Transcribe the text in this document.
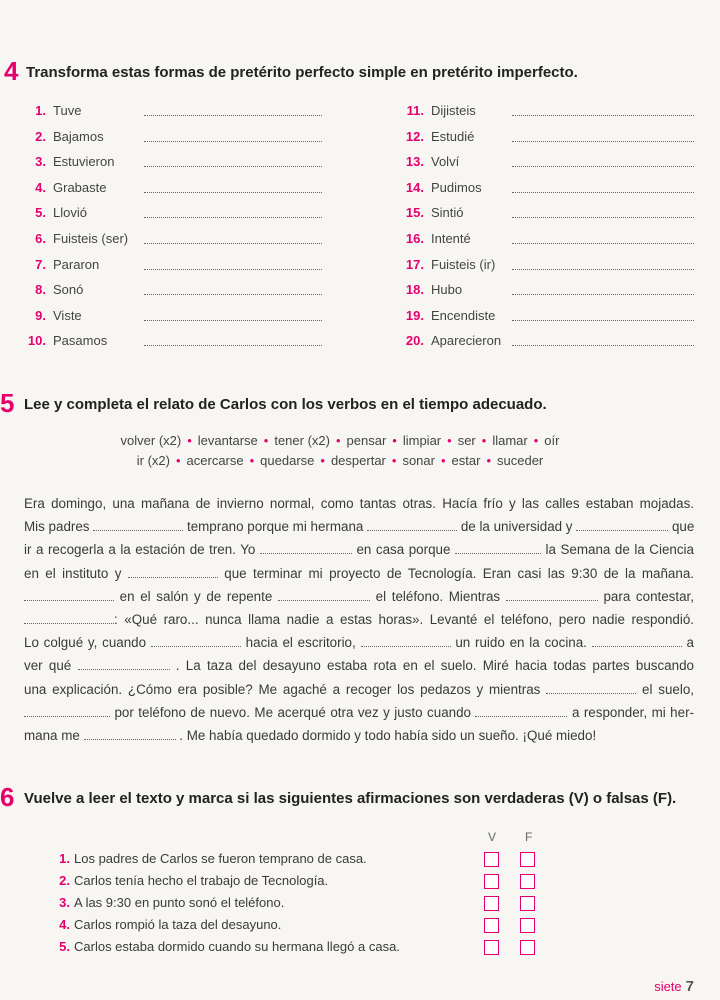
4 Transforma estas formas de pretérito perfecto simple en pretérito imperfecto.
1. Tuve
2. Bajamos
3. Estuvieron
4. Grabaste
5. Llovió
6. Fuisteis (ser)
7. Pararon
8. Sonó
9. Viste
10. Pasamos
11. Dijisteis
12. Estudié
13. Volví
14. Pudimos
15. Sintió
16. Intenté
17. Fuisteis (ir)
18. Hubo
19. Encendiste
20. Aparecieron
5 Lee y completa el relato de Carlos con los verbos en el tiempo adecuado.
volver (x2) • levantarse • tener (x2) • pensar • limpiar • ser • llamar • oír
ir (x2) • acercarse • quedarse • despertar • sonar • estar • suceder
Era domingo, una mañana de invierno normal, como tantas otras. Hacía frío y las calles estaban mojadas.
Mis padres	temprano porque mi hermana	de la universidad y	que
ir a recogerla a la estación de tren. Yo	en casa porque	la Semana de la Ciencia
en el instituto y	que terminar mi proyecto de Tecnología. Eran casi las 9:30 de la mañana.
en el salón y de repente	el teléfono. Mientras	para contestar,
: «Qué raro... nunca llama nadie a estas horas». Levanté el teléfono, pero nadie respondió.
Lo colgué y, cuando	hacia el escritorio,	un ruido en la cocina.	a
ver qué	. La taza del desayuno estaba rota en el suelo. Miré hacia todas partes buscando
una explicación. ¿Cómo era posible? Me agaché a recoger los pedazos y mientras	el suelo,
por teléfono de nuevo. Me acerqué otra vez y justo cuando	a responder, mi her-
mana me	. Me había quedado dormido y todo había sido un sueño. ¡Qué miedo!
6 Vuelve a leer el texto y marca si las siguientes afirmaciones son verdaderas (V) o falsas (F).
V F
1. Los padres de Carlos se fueron temprano de casa.
2. Carlos tenía hecho el trabajo de Tecnología.
3. A las 9:30 en punto sonó el teléfono.
4. Carlos rompió la taza del desayuno.
5. Carlos estaba dormido cuando su hermana llegó a casa.
siete 7
